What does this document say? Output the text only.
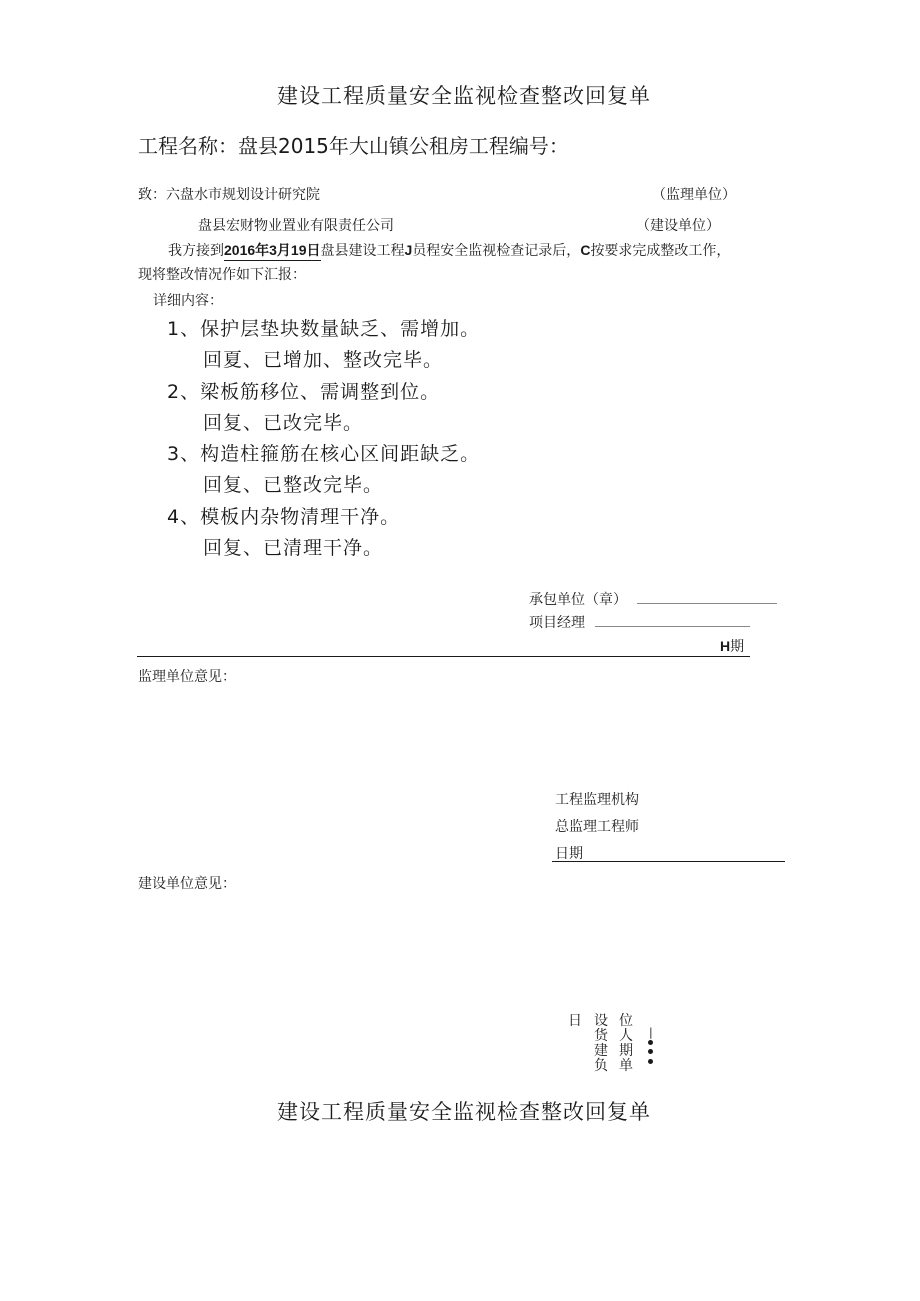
建设工程质量安全监视检查整改回复单
工程名称：盘县2015年大山镇公租房工程编号：
致：六盘水市规划设计研究院	（监理单位）
盘县宏财物业置业有限责任公司	（建设单位）
我方接到2016年3月19日盘县建设工程J员程安全监视检查记录后，C按要求完成整改工作，
现将整改情况作如下汇报：
详细内容：
1、保护层垫块数量缺乏、需增加。
回夏、已增加、整改完毕。
2、梁板筋移位、需调整到位。
回复、已改完毕。
3、构造柱箍筋在核心区间距缺乏。
回复、已整改完毕。
4、模板内杂物清理干净。
回复、已清理干净。
承包单位（章）
项目经理
H期
监理单位意见：
工程监理机构
总监理工程师
日期
建设单位意见：
日 设
货
建
负
位
人
期
单
|
建设工程质量安全监视检查整改回复单
